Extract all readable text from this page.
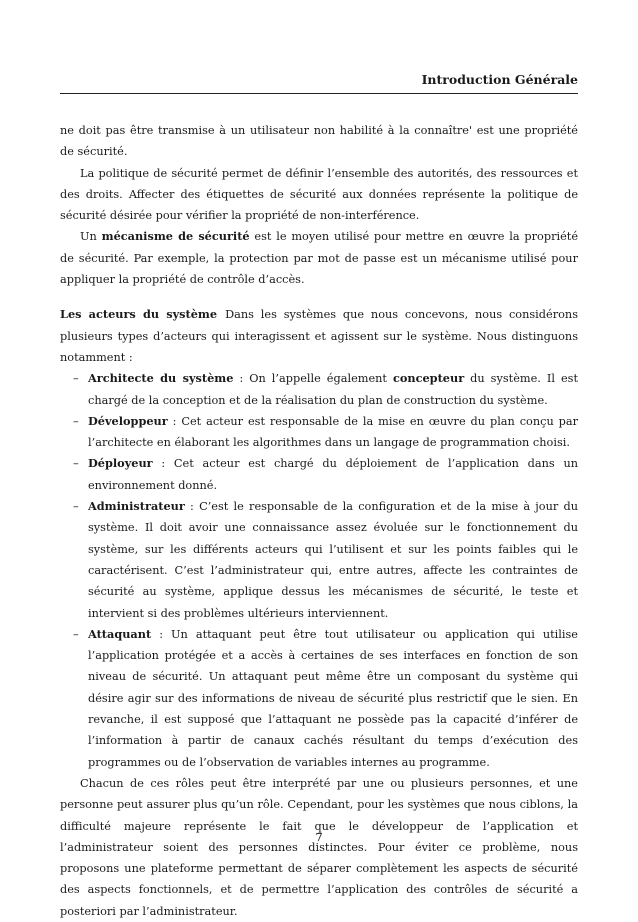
Introduction Générale

ne doit pas être transmise à un utilisateur non habilité à la connaître' est une propriété de sécurité.

La politique de sécurité permet de définir l’ensemble des autorités, des ressources et des droits. Affecter des étiquettes de sécurité aux données représente la politique de sécurité désirée pour vérifier la propriété de non-interférence.

Un mécanisme de sécurité est le moyen utilisé pour mettre en œuvre la propriété de sécurité. Par exemple, la protection par mot de passe est un mécanisme utilisé pour appliquer la propriété de contrôle d’accès.

Les acteurs du système Dans les systèmes que nous concevons, nous considérons plusieurs types d’acteurs qui interagissent et agissent sur le système. Nous distinguons notamment :

– Architecte du système : On l’appelle également concepteur du système. Il est chargé de la conception et de la réalisation du plan de construction du système.
– Développeur : Cet acteur est responsable de la mise en œuvre du plan conçu par l’architecte en élaborant les algorithmes dans un langage de programmation choisi.
– Déployeur : Cet acteur est chargé du déploiement de l’application dans un environnement donné.
– Administrateur : C’est le responsable de la configuration et de la mise à jour du système. Il doit avoir une connaissance assez évoluée sur le fonctionnement du système, sur les différents acteurs qui l’utilisent et sur les points faibles qui le caractérisent. C’est l’administrateur qui, entre autres, affecte les contraintes de sécurité au système, applique dessus les mécanismes de sécurité, le teste et intervient si des problèmes ultérieurs interviennent.
– Attaquant : Un attaquant peut être tout utilisateur ou application qui utilise l’application protégée et a accès à certaines de ses interfaces en fonction de son niveau de sécurité. Un attaquant peut même être un composant du système qui désire agir sur des informations de niveau de sécurité plus restrictif que le sien. En revanche, il est supposé que l’attaquant ne possède pas la capacité d’inférer de l’information à partir de canaux cachés résultant du temps d’exécution des programmes ou de l’observation de variables internes au programme.

Chacun de ces rôles peut être interprété par une ou plusieurs personnes, et une personne peut assurer plus qu’un rôle. Cependant, pour les systèmes que nous ciblons, la difficulté majeure représente le fait que le développeur de l’application et l’administrateur soient des personnes distinctes. Pour éviter ce problème, nous proposons une plateforme permettant de séparer complètement les aspects de sécurité des aspects fonctionnels, et de permettre l’application des contrôles de sécurité a posteriori par l’administrateur.

7
